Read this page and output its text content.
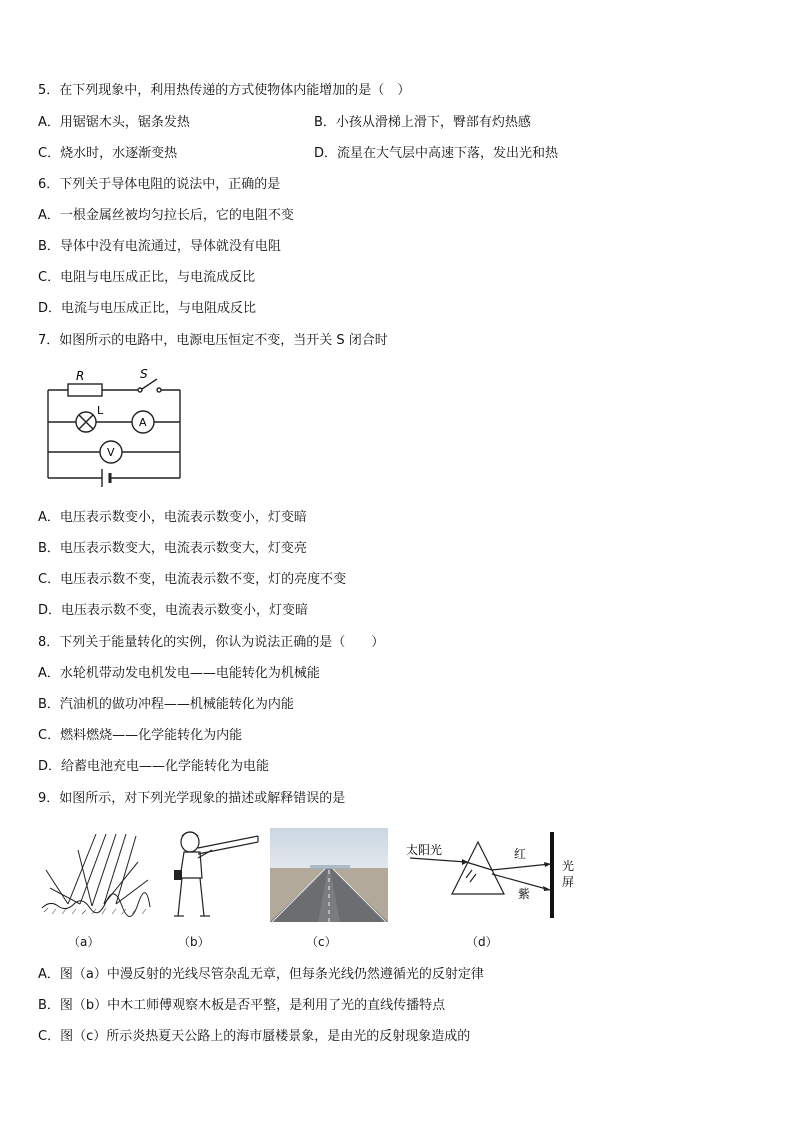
5．在下列现象中，利用热传递的方式使物体内能增加的是（　）
A．用锯锯木头，锯条发热	B．小孩从滑梯上滑下，臀部有灼热感
C．烧水时，水逐渐变热	D．流星在大气层中高速下落，发出光和热
6．下列关于导体电阻的说法中，正确的是
A．一根金属丝被均匀拉长后，它的电阻不变
B．导体中没有电流通过，导体就没有电阻
C．电阻与电压成正比，与电流成反比
D．电流与电压成正比，与电阻成反比
7．如图所示的电路中，电源电压恒定不变，当开关 S 闭合时
R	S
L
A
V
A．电压表示数变小，电流表示数变小，灯变暗
B．电压表示数变大，电流表示数变大，灯变亮
C．电压表示数不变，电流表示数不变，灯的亮度不变
D．电压表示数不变，电流表示数变小，灯变暗
8．下列关于能量转化的实例，你认为说法正确的是（　　）
A．水轮机带动发电机发电——电能转化为机械能
B．汽油机的做功冲程——机械能转化为内能
C．燃料燃烧——化学能转化为内能
D．给蓄电池充电——化学能转化为电能
9．如图所示，对下列光学现象的描述或解释错误的是
（a）	（b）	（c）
太阳光	红
紫
光
屏
（d）
A．图（a）中漫反射的光线尽管杂乱无章，但每条光线仍然遵循光的反射定律
B．图（b）中木工师傅观察木板是否平整，是利用了光的直线传播特点
C．图（c）所示炎热夏天公路上的海市蜃楼景象，是由光的反射现象造成的
